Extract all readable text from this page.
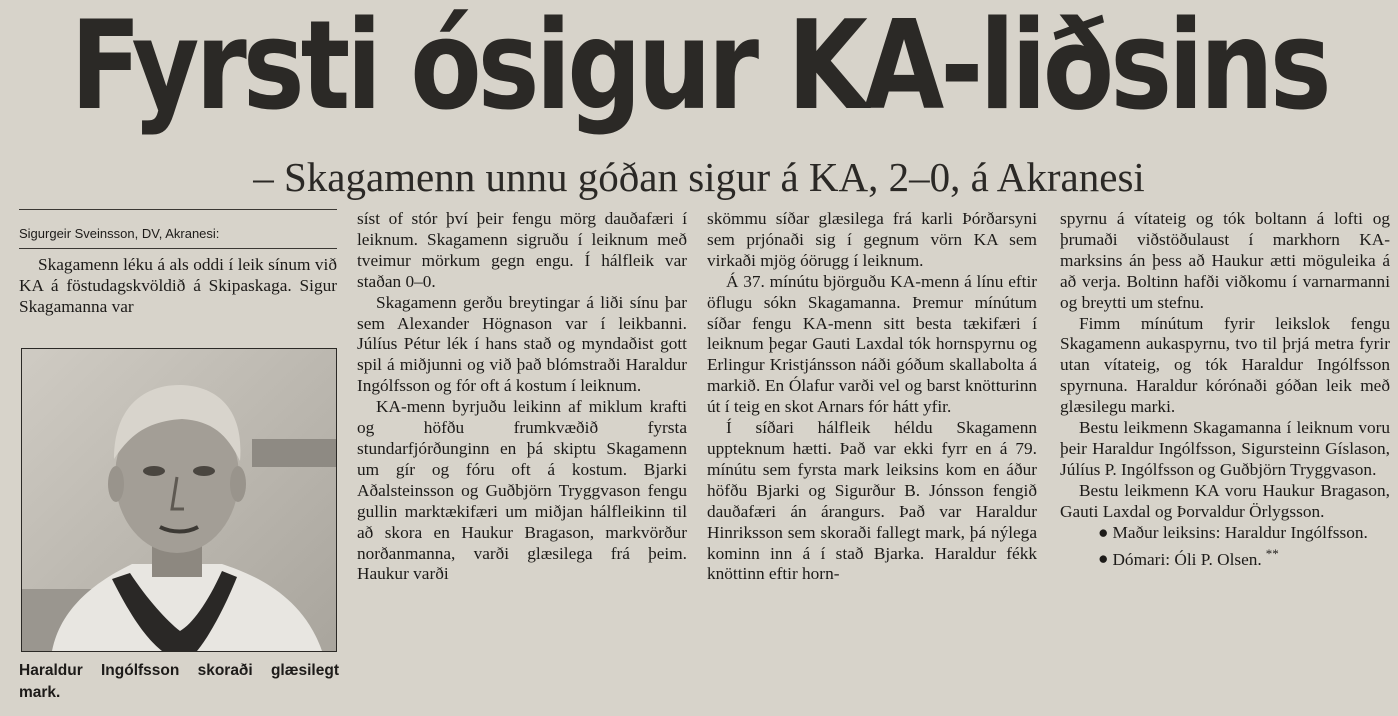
Fyrsti ósigur KA-liðsins
– Skagamenn unnu góðan sigur á KA, 2–0, á Akranesi
Sigurgeir Sveinsson, DV, Akranesi:

Skagamenn léku á als oddi í leik sínum við KA á föstudagskvöldið á Skipaskaga. Sigur Skagamanna var

Haraldur Ingólfsson skoraði glæsilegt mark.

síst of stór því þeir fengu mörg dauðafæri í leiknum. Skagamenn sigruðu í leiknum með tveimur mörkum gegn engu. Í hálfleik var staðan 0–0.

Skagamenn gerðu breytingar á liði sínu þar sem Alexander Högnason var í leikbanni. Júlíus Pétur lék í hans stað og myndaðist gott spil á miðjunni og við það blómstraði Haraldur Ingólfsson og fór oft á kostum í leiknum.

KA-menn byrjuðu leikinn af miklum krafti og höfðu frumkvæðið fyrsta stundarfjórðunginn en þá skiptu Skagamenn um gír og fóru oft á kostum. Bjarki Aðalsteinsson og Guðbjörn Tryggvason fengu gullin marktækifæri um miðjan hálfleikinn til að skora en Haukur Bragason, markvörður norðanmanna, varði glæsilega frá þeim. Haukur varði

skömmu síðar glæsilega frá karli Þórðarsyni sem prjónaði sig í gegnum vörn KA sem virkaði mjög óörugg í leiknum.

Á 37. mínútu björguðu KA-menn á línu eftir öflugu sókn Skagamanna. Þremur mínútum síðar fengu KA-menn sitt besta tækifæri í leiknum þegar Gauti Laxdal tók hornspyrnu og Erlingur Kristjánsson náði góðum skallabolta á markið. En Ólafur varði vel og barst knötturinn út í teig en skot Arnars fór hátt yfir.

Í síðari hálfleik héldu Skagamenn uppteknum hætti. Það var ekki fyrr en á 79. mínútu sem fyrsta mark leiksins kom en áður höfðu Bjarki og Sigurður B. Jónsson fengið dauðafæri án árangurs. Það var Haraldur Hinriksson sem skoraði fallegt mark, þá nýlega kominn inn á í stað Bjarka. Haraldur fékk knöttinn eftir horn-

spyrnu á vítateig og tók boltann á lofti og þrumaði viðstöðulaust í markhorn KA-marksins án þess að Haukur ætti möguleika á að verja. Boltinn hafði viðkomu í varnarmanni og breytti um stefnu.

Fimm mínútum fyrir leikslok fengu Skagamenn aukaspyrnu, tvo til þrjá metra fyrir utan vítateig, og tók Haraldur Ingólfsson spyrnuna. Haraldur kórónaði góðan leik með glæsilegu marki.

Bestu leikmenn Skagamanna í leiknum voru þeir Haraldur Ingólfsson, Sigursteinn Gíslason, Júlíus P. Ingólfsson og Guðbjörn Tryggvason.

Bestu leikmenn KA voru Haukur Bragason, Gauti Laxdal og Þorvaldur Örlygsson.

● Maður leiksins: Haraldur Ingólfsson.

● Dómari: Óli P. Olsen. **
